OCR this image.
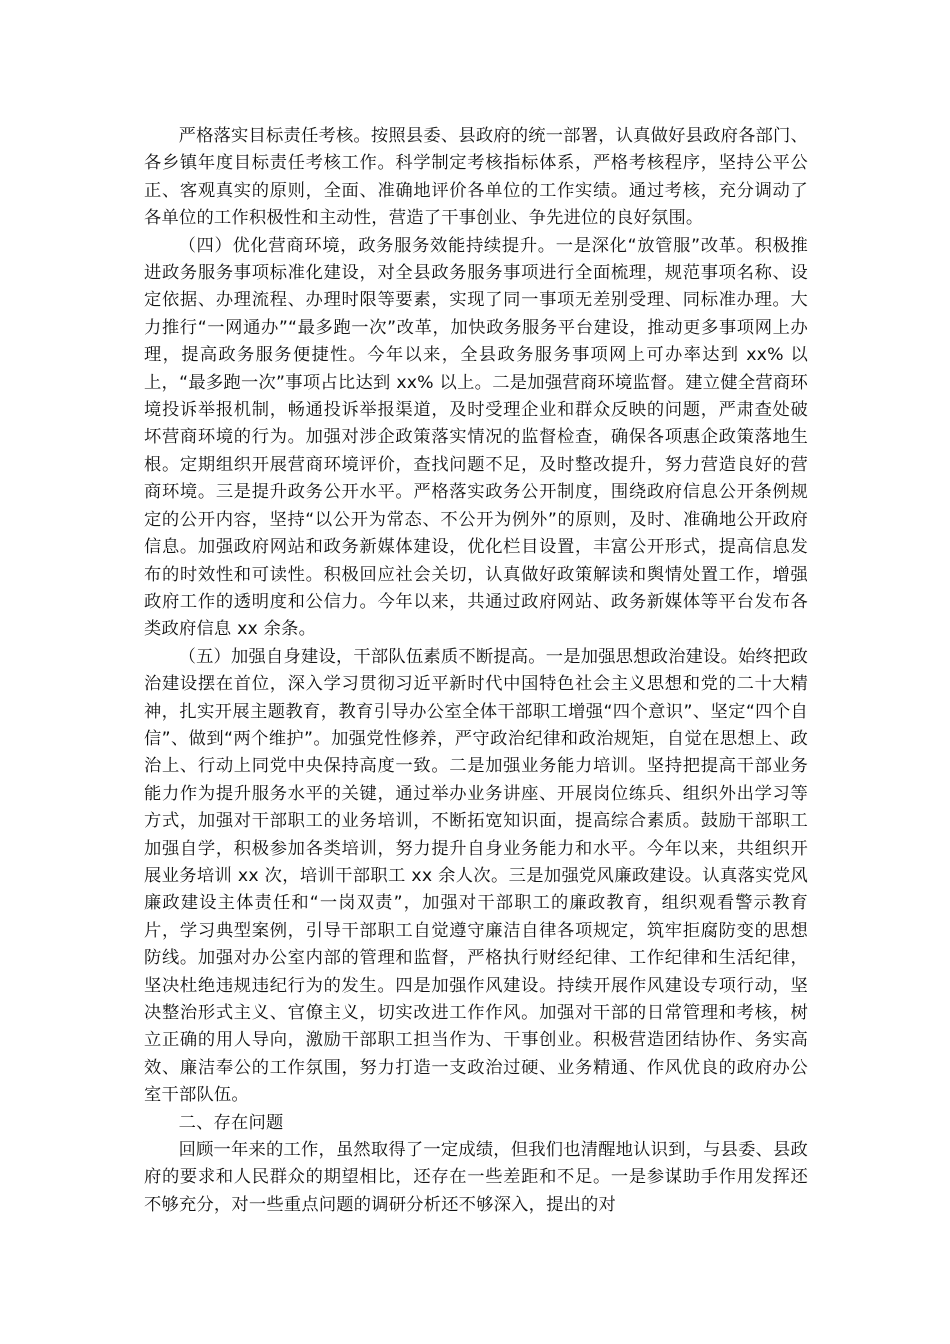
严格落实目标责任考核。按照县委、县政府的统一部署，认真做好县政府各部门、各乡镇年度目标责任考核工作。科学制定考核指标体系，严格考核程序，坚持公平公正、客观真实的原则，全面、准确地评价各单位的工作实绩。通过考核，充分调动了各单位的工作积极性和主动性，营造了干事创业、争先进位的良好氛围。

（四）优化营商环境，政务服务效能持续提升。一是深化“放管服”改革。积极推进政务服务事项标准化建设，对全县政务服务事项进行全面梳理，规范事项名称、设定依据、办理流程、办理时限等要素，实现了同一事项无差别受理、同标准办理。大力推行“一网通办”“最多跑一次”改革，加快政务服务平台建设，推动更多事项网上办理，提高政务服务便捷性。今年以来，全县政务服务事项网上可办率达到 xx% 以上，“最多跑一次”事项占比达到 xx% 以上。二是加强营商环境监督。建立健全营商环境投诉举报机制，畅通投诉举报渠道，及时受理企业和群众反映的问题，严肃查处破坏营商环境的行为。加强对涉企政策落实情况的监督检查，确保各项惠企政策落地生根。定期组织开展营商环境评价，查找问题不足，及时整改提升，努力营造良好的营商环境。三是提升政务公开水平。严格落实政务公开制度，围绕政府信息公开条例规定的公开内容，坚持“以公开为常态、不公开为例外”的原则，及时、准确地公开政府信息。加强政府网站和政务新媒体建设，优化栏目设置，丰富公开形式，提高信息发布的时效性和可读性。积极回应社会关切，认真做好政策解读和舆情处置工作，增强政府工作的透明度和公信力。今年以来，共通过政府网站、政务新媒体等平台发布各类政府信息 xx 余条。

（五）加强自身建设，干部队伍素质不断提高。一是加强思想政治建设。始终把政治建设摆在首位，深入学习贯彻习近平新时代中国特色社会主义思想和党的二十大精神，扎实开展主题教育，教育引导办公室全体干部职工增强“四个意识”、坚定“四个自信”、做到“两个维护”。加强党性修养，严守政治纪律和政治规矩，自觉在思想上、政治上、行动上同党中央保持高度一致。二是加强业务能力培训。坚持把提高干部业务能力作为提升服务水平的关键，通过举办业务讲座、开展岗位练兵、组织外出学习等方式，加强对干部职工的业务培训，不断拓宽知识面，提高综合素质。鼓励干部职工加强自学，积极参加各类培训，努力提升自身业务能力和水平。今年以来，共组织开展业务培训 xx 次，培训干部职工 xx 余人次。三是加强党风廉政建设。认真落实党风廉政建设主体责任和“一岗双责”，加强对干部职工的廉政教育，组织观看警示教育片，学习典型案例，引导干部职工自觉遵守廉洁自律各项规定，筑牢拒腐防变的思想防线。加强对办公室内部的管理和监督，严格执行财经纪律、工作纪律和生活纪律，坚决杜绝违规违纪行为的发生。四是加强作风建设。持续开展作风建设专项行动，坚决整治形式主义、官僚主义，切实改进工作作风。加强对干部的日常管理和考核，树立正确的用人导向，激励干部职工担当作为、干事创业。积极营造团结协作、务实高效、廉洁奉公的工作氛围，努力打造一支政治过硬、业务精通、作风优良的政府办公室干部队伍。

二、存在问题

回顾一年来的工作，虽然取得了一定成绩，但我们也清醒地认识到，与县委、县政府的要求和人民群众的期望相比，还存在一些差距和不足。一是参谋助手作用发挥还不够充分，对一些重点问题的调研分析还不够深入，提出的对
